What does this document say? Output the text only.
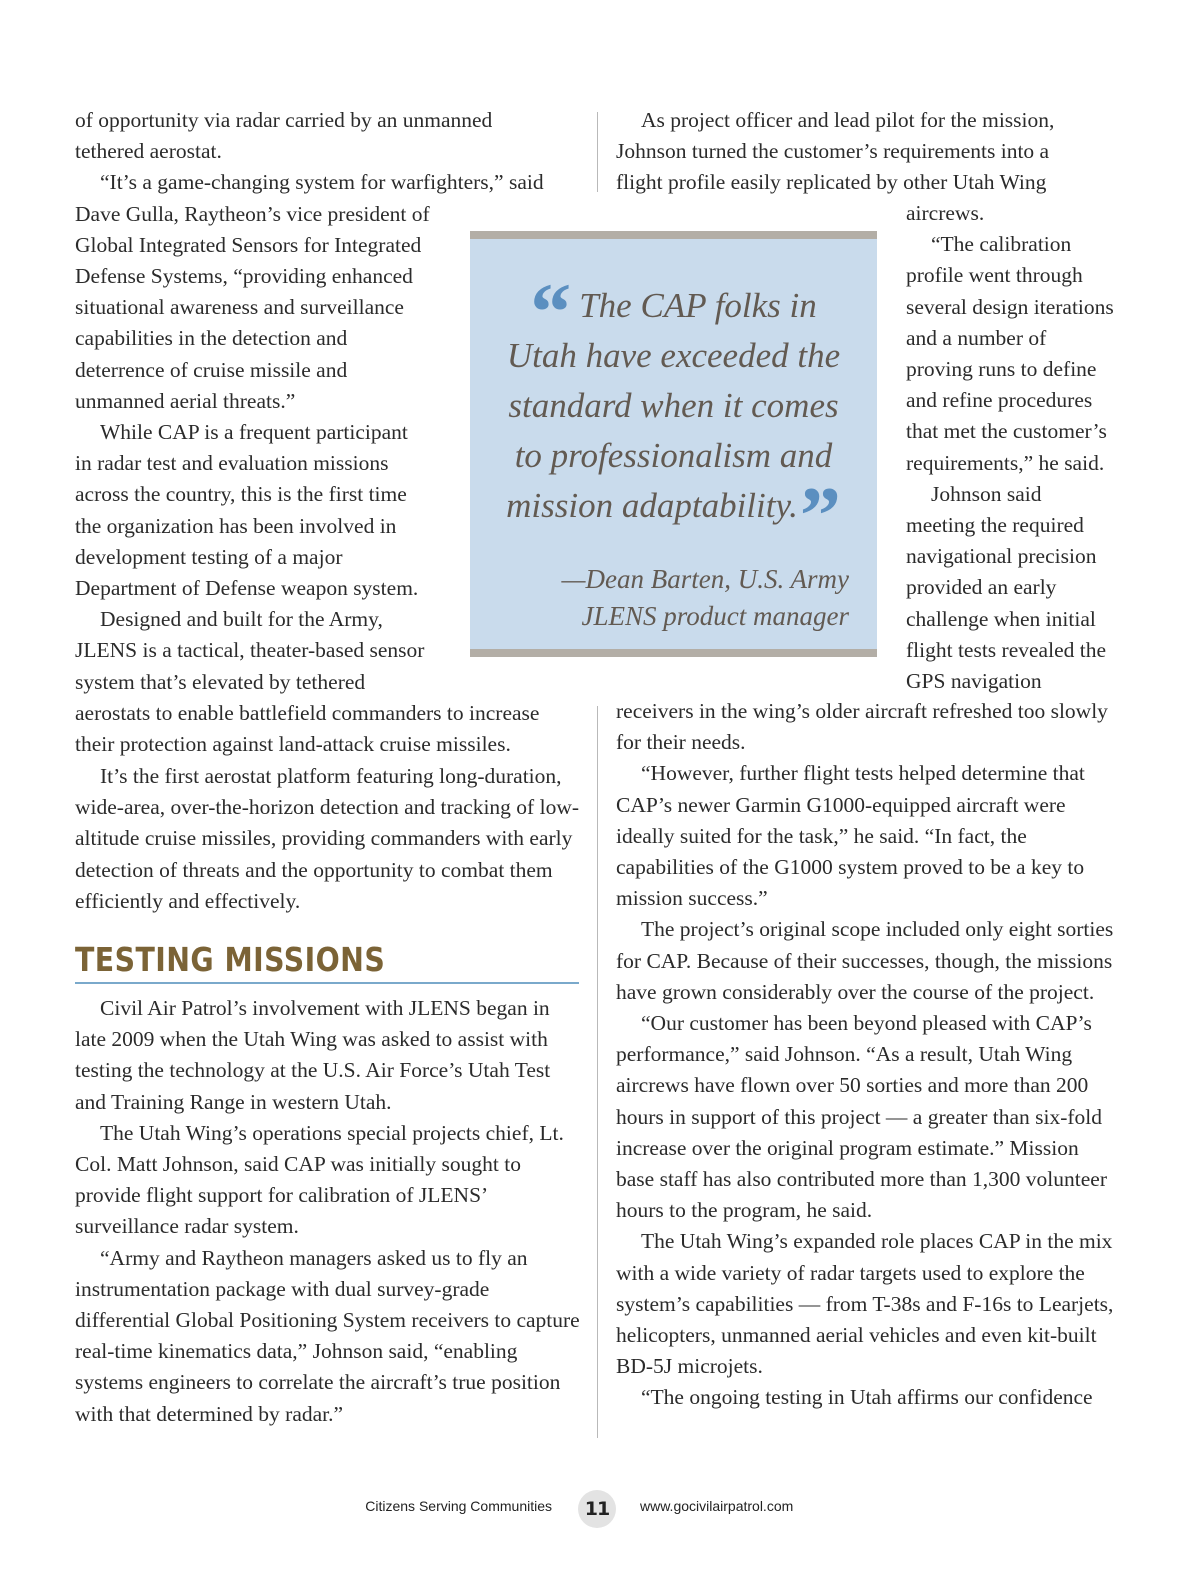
of opportunity via radar carried by an unmanned

tethered aerostat.

“It’s a game-changing system for warfighters,” said

Dave Gulla, Raytheon’s vice president of

Global Integrated Sensors for Integrated

Defense Systems, “providing enhanced

situational awareness and surveillance

capabilities in the detection and

deterrence of cruise missile and

unmanned aerial threats.”

While CAP is a frequent participant

in radar test and evaluation missions

across the country, this is the first time

the organization has been involved in

development testing of a major

Department of Defense weapon system.

Designed and built for the Army,

JLENS is a tactical, theater-based sensor

system that’s elevated by tethered

aerostats to enable battlefield commanders to increase

their protection against land-attack cruise missiles.

It’s the first aerostat platform featuring long-duration, wide-area, over-the-horizon detection and tracking of low-altitude cruise missiles, providing commanders with early detection of threats and the opportunity to combat them efficiently and effectively.

TESTING MISSIONS

Civil Air Patrol’s involvement with JLENS began in late 2009 when the Utah Wing was asked to assist with testing the technology at the U.S. Air Force’s Utah Test and Training Range in western Utah.

The Utah Wing’s operations special projects chief, Lt. Col. Matt Johnson, said CAP was initially sought to provide flight support for calibration of JLENS’ surveillance radar system.

“Army and Raytheon managers asked us to fly an instrumentation package with dual survey-grade differential Global Positioning System receivers to capture real-time kinematics data,” Johnson said, “enabling systems engineers to correlate the aircraft’s true position with that determined by radar.”

As project officer and lead pilot for the mission,

Johnson turned the customer’s requirements into a

flight profile easily replicated by other Utah Wing

aircrews.

“The calibration

profile went through

several design iterations

and a number of

proving runs to define

and refine procedures

that met the customer’s

requirements,” he said.

Johnson said

meeting the required

navigational precision

provided an early

challenge when initial

flight tests revealed the

GPS navigation

receivers in the wing’s older aircraft refreshed too slowly

for their needs.

“However, further flight tests helped determine that CAP’s newer Garmin G1000-equipped aircraft were ideally suited for the task,” he said. “In fact, the capabilities of the G1000 system proved to be a key to mission success.”

The project’s original scope included only eight sorties for CAP. Because of their successes, though, the missions have grown considerably over the course of the project.

“Our customer has been beyond pleased with CAP’s performance,” said Johnson. “As a result, Utah Wing aircrews have flown over 50 sorties and more than 200 hours in support of this project — a greater than six-fold increase over the original program estimate.” Mission base staff has also contributed more than 1,300 volunteer hours to the program, he said.

The Utah Wing’s expanded role places CAP in the mix with a wide variety of radar targets used to explore the system’s capabilities — from T-38s and F-16s to Learjets, helicopters, unmanned aerial vehicles and even kit-built BD-5J microjets.

“The ongoing testing in Utah affirms our confidence

“ The CAP folks in
Utah have exceeded the
standard when it comes
to professionalism and
mission adaptability.”
—Dean Barten, U.S. Army
JLENS product manager
Citizens Serving Communities	11	www.gocivilairpatrol.com
